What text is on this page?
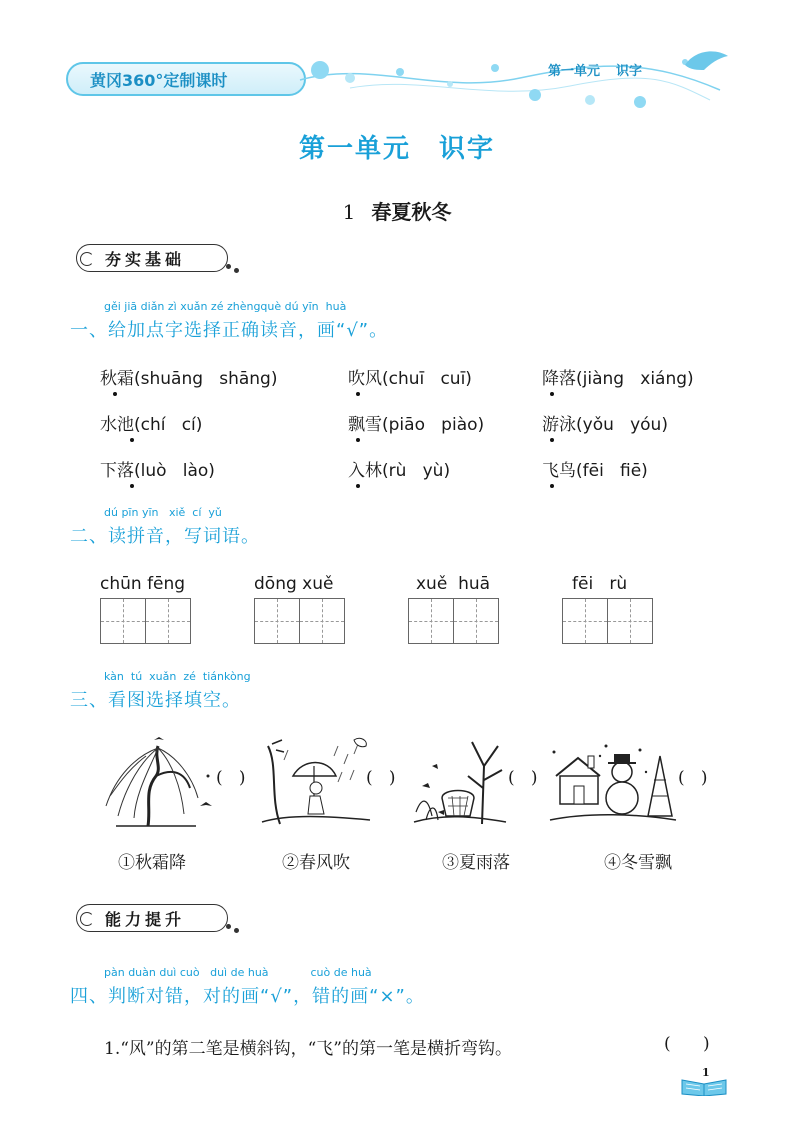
黄冈360°定制课时	第一单元 识字
第一单元 识字
1 春夏秋冬
夯实基础
gěi jiā diǎn zì xuǎn zé zhèngquè dú yīn  huà
一、给加点字选择正确读音，画“√”。
秋霜(shuāng   shāng)	吹风(chuī   cuī)	降落(jiàng   xiáng)
水池(chí   cí)	飘雪(piāo   piào)	游泳(yǒu   yóu)
下落(luò   lào)	入林(rù   yù)	飞鸟(fēi   fiē)
dú pīn yīn   xiě  cí  yǔ
二、读拼音，写词语。
chūn fēng	dōng xuě	xuě  huā	fēi   rù
kàn  tú  xuǎn  zé  tiánkòng
三、看图选择填空。
(   )	(   )	(   )	(   )
①秋霜降	②春风吹	③夏雨落	④冬雪飘
能力提升
pàn duàn duì cuò   duì de huà            cuò de huà
四、判断对错，对的画“√”，错的画“×”。
1.“风”的第二笔是横斜钩，“飞”的第一笔是横折弯钩。	(      )
1
